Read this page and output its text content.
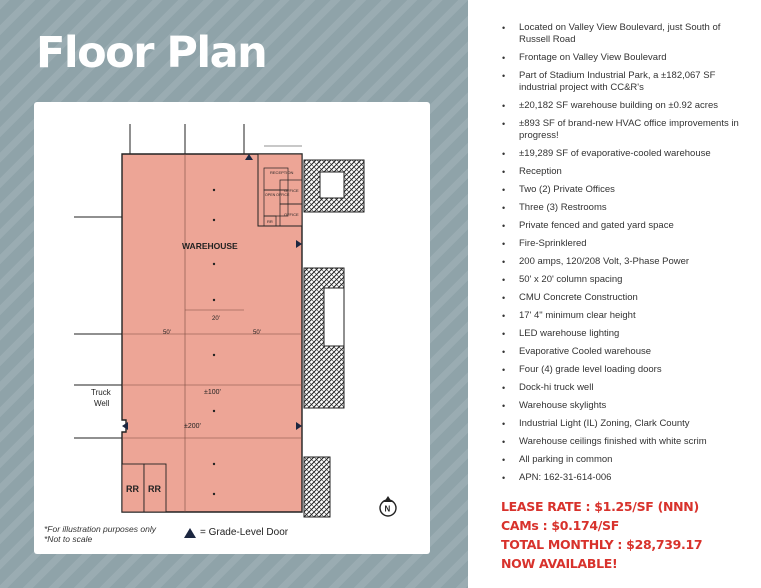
Floor Plan
RECEPTION
OPEN OFFICE
OFFICE
OFFICE
RR
RR RR
WAREHOUSE
50'	50'
20'
±100'
±200'
Truck
Well
N
*For illustration purposes only
*Not to scale
= Grade-Level Door
• Located on Valley View Boulevard, just South of Russell Road
• Frontage on Valley View Boulevard
• Part of Stadium Industrial Park, a ±182,067 SF industrial project with CC&R's
• ±20,182 SF warehouse building on ±0.92 acres
• ±893 SF of brand-new HVAC office improvements in progress!
• ±19,289 SF of evaporative-cooled warehouse
• Reception
• Two (2) Private Offices
• Three (3) Restrooms
• Private fenced and gated yard space
• Fire-Sprinklered
• 200 amps, 120/208 Volt, 3-Phase Power
• 50' x 20' column spacing
• CMU Concrete Construction
• 17' 4" minimum clear height
• LED warehouse lighting
• Evaporative Cooled warehouse
• Four (4) grade level loading doors
• Dock-hi truck well
• Warehouse skylights
• Industrial Light (IL) Zoning, Clark County
• Warehouse ceilings finished with white scrim
• All parking in common
• APN: 162-31-614-006
LEASE RATE : $1.25/SF (NNN)
CAMs : $0.174/SF
TOTAL MONTHLY : $28,739.17
NOW AVAILABLE!
